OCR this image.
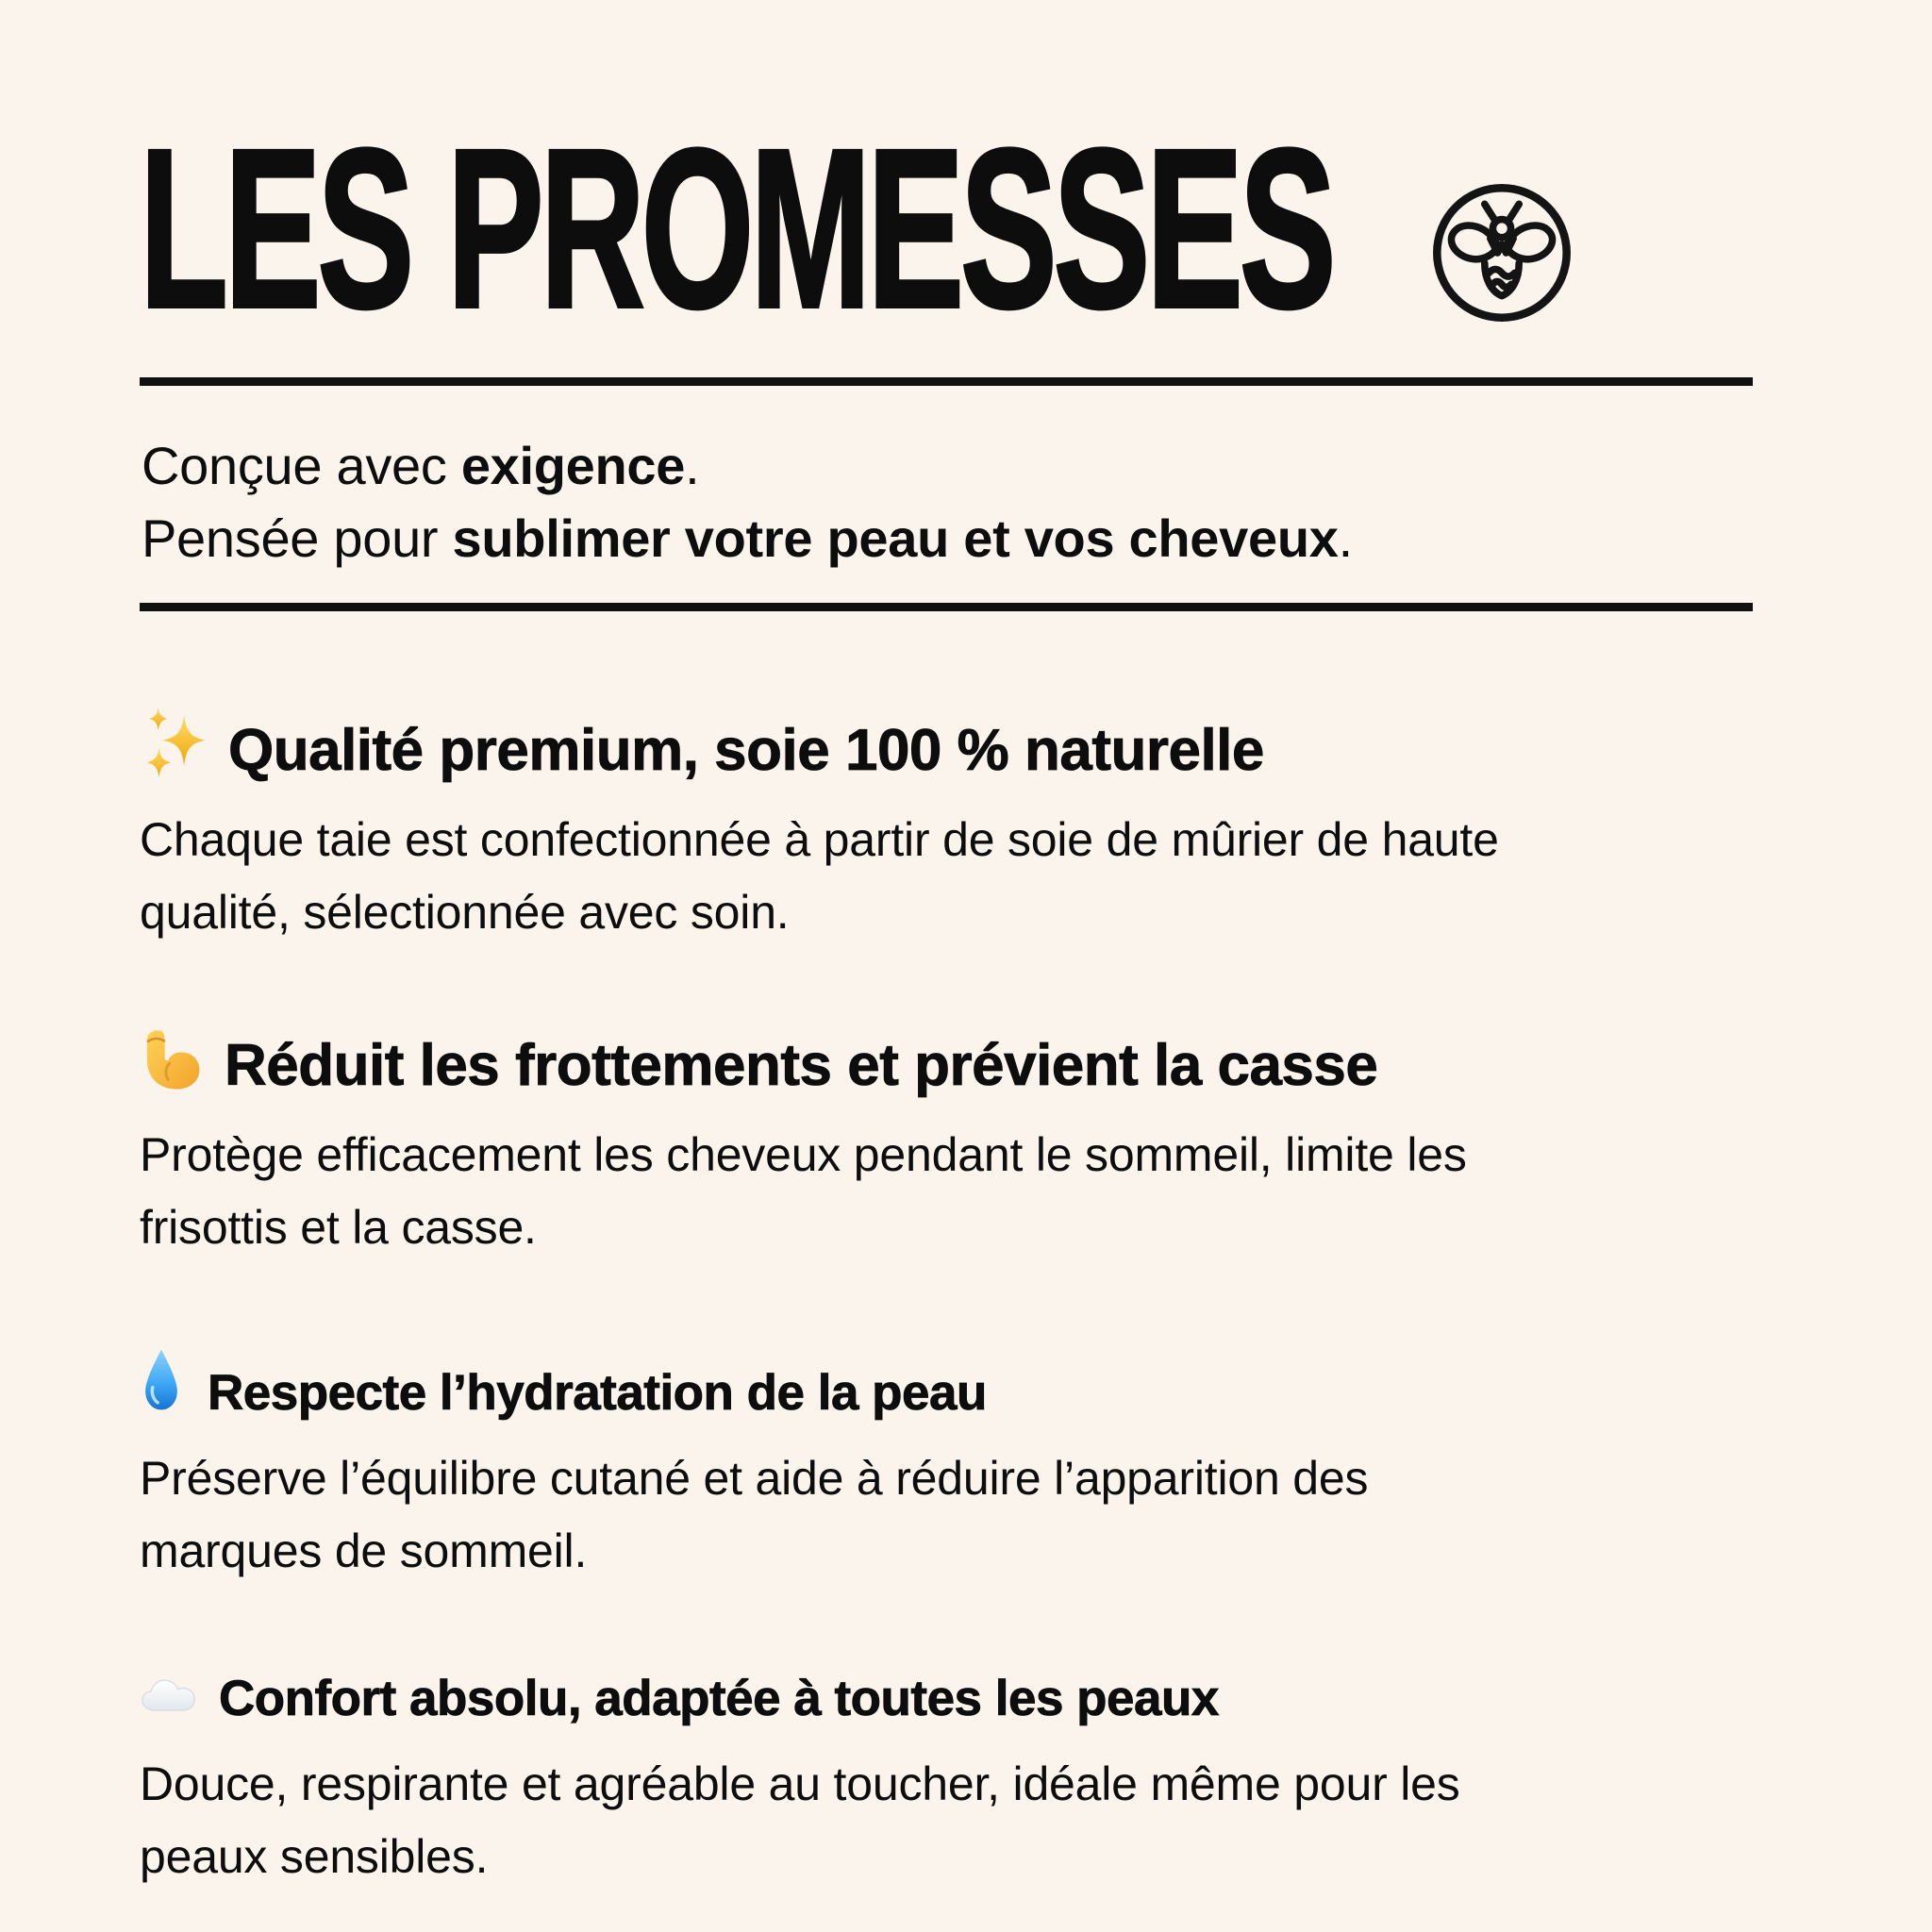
LES PROMESSES

Conçue avec exigence.

Pensée pour sublimer votre peau et vos cheveux.

Qualité premium, soie 100 % naturelle

Chaque taie est confectionnée à partir de soie de mûrier de haute
qualité, sélectionnée avec soin.

Réduit les frottements et prévient la casse

Protège efficacement les cheveux pendant le sommeil, limite les
frisottis et la casse.

Respecte l’hydratation de la peau

Préserve l’équilibre cutané et aide à réduire l’apparition des
marques de sommeil.

Confort absolu, adaptée à toutes les peaux

Douce, respirante et agréable au toucher, idéale même pour les
peaux sensibles.
